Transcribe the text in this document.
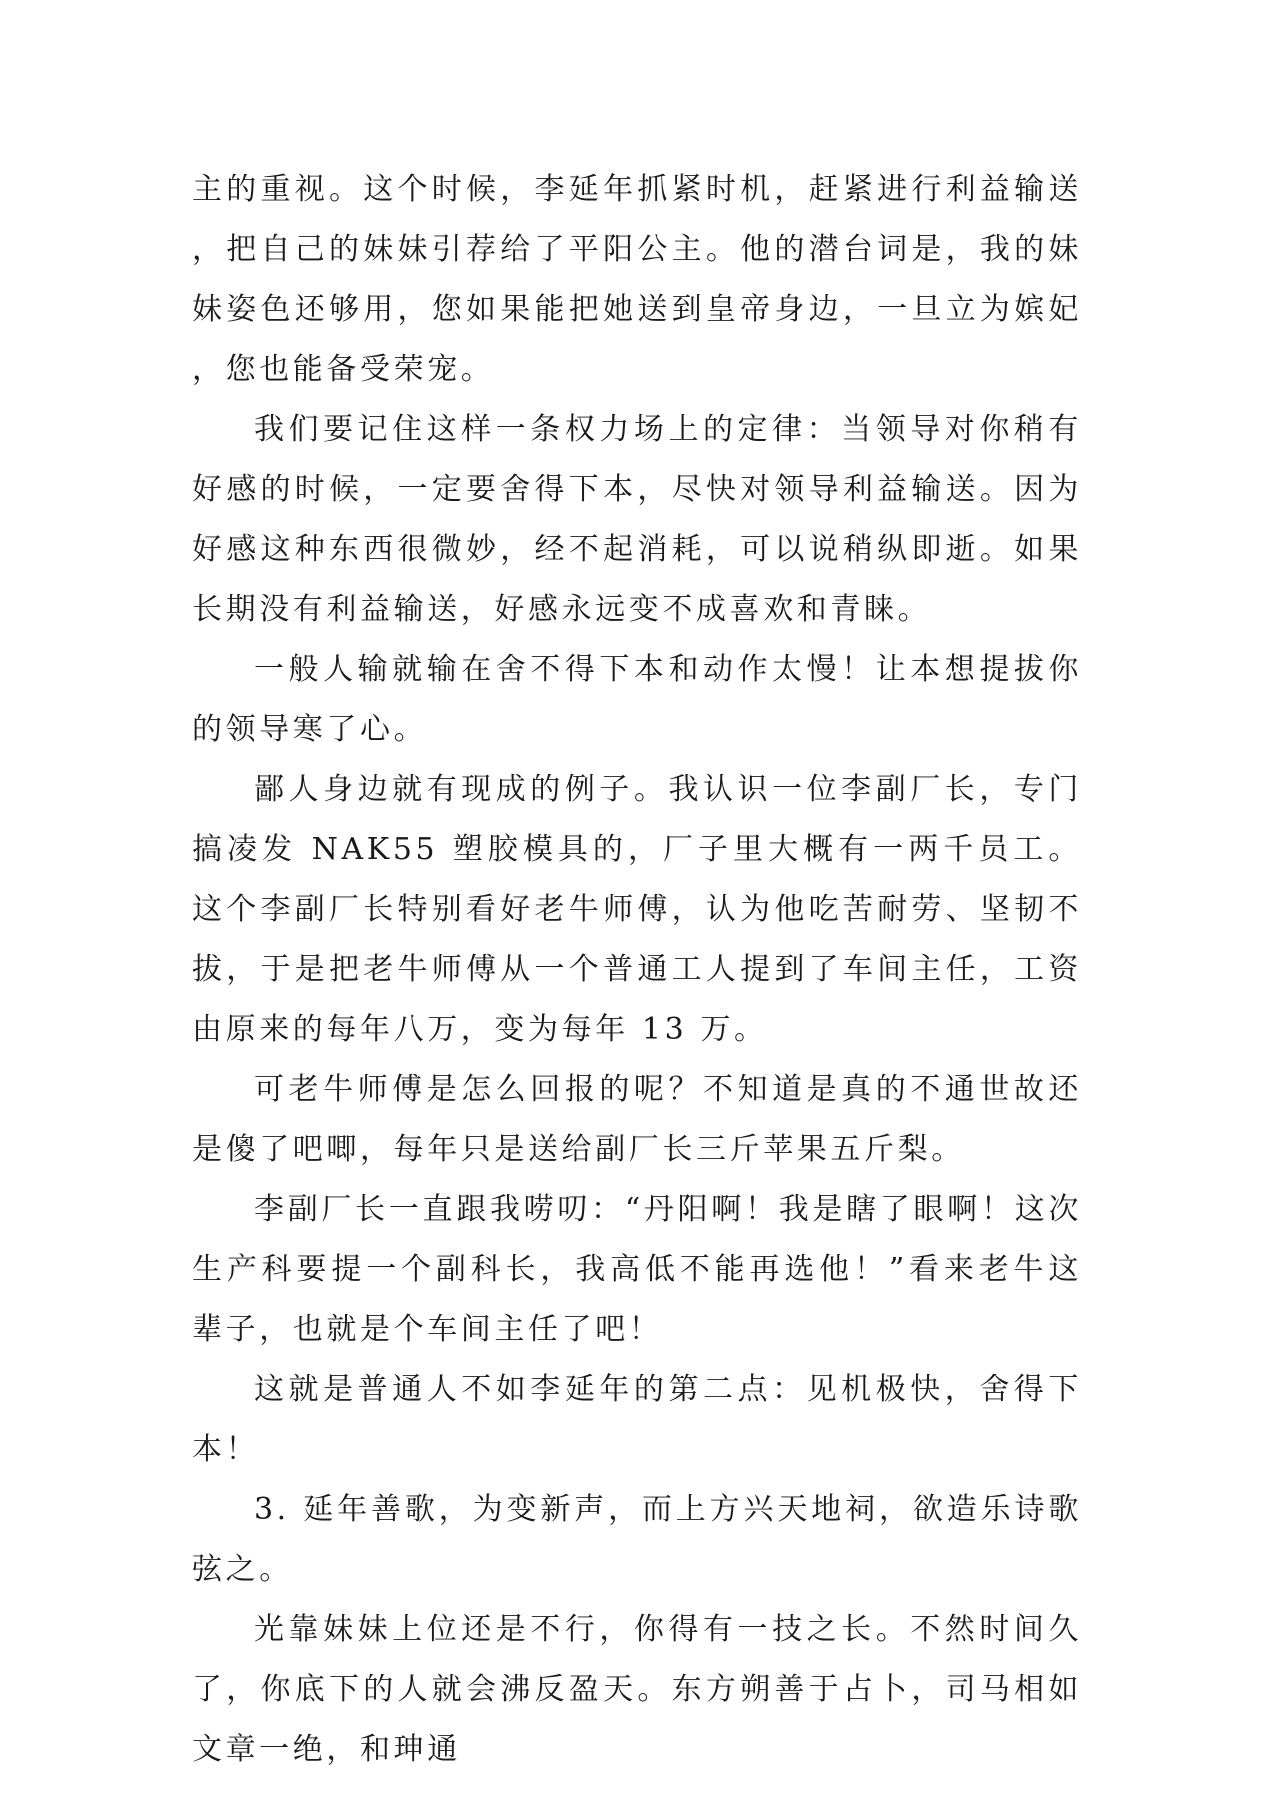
主的重视。这个时候，李延年抓紧时机，赶紧进行利益输送，把自己的妹妹引荐给了平阳公主。他的潜台词是，我的妹妹姿色还够用，您如果能把她送到皇帝身边，一旦立为嫔妃，您也能备受荣宠。

我们要记住这样一条权力场上的定律：当领导对你稍有好感的时候，一定要舍得下本，尽快对领导利益输送。因为好感这种东西很微妙，经不起消耗，可以说稍纵即逝。如果长期没有利益输送，好感永远变不成喜欢和青睐。

一般人输就输在舍不得下本和动作太慢！让本想提拔你的领导寒了心。

鄙人身边就有现成的例子。我认识一位李副厂长，专门搞凌发 NAK55 塑胶模具的，厂子里大概有一两千员工。这个李副厂长特别看好老牛师傅，认为他吃苦耐劳、坚韧不拔，于是把老牛师傅从一个普通工人提到了车间主任，工资由原来的每年八万，变为每年 13 万。

可老牛师傅是怎么回报的呢？不知道是真的不通世故还是傻了吧唧，每年只是送给副厂长三斤苹果五斤梨。

李副厂长一直跟我唠叨：“丹阳啊！我是瞎了眼啊！这次生产科要提一个副科长，我高低不能再选他！”看来老牛这辈子，也就是个车间主任了吧！

这就是普通人不如李延年的第二点：见机极快，舍得下本！

3. 延年善歌，为变新声，而上方兴天地祠，欲造乐诗歌弦之。

光靠妹妹上位还是不行，你得有一技之长。不然时间久了，你底下的人就会沸反盈天。东方朔善于占卜，司马相如文章一绝，和珅通
